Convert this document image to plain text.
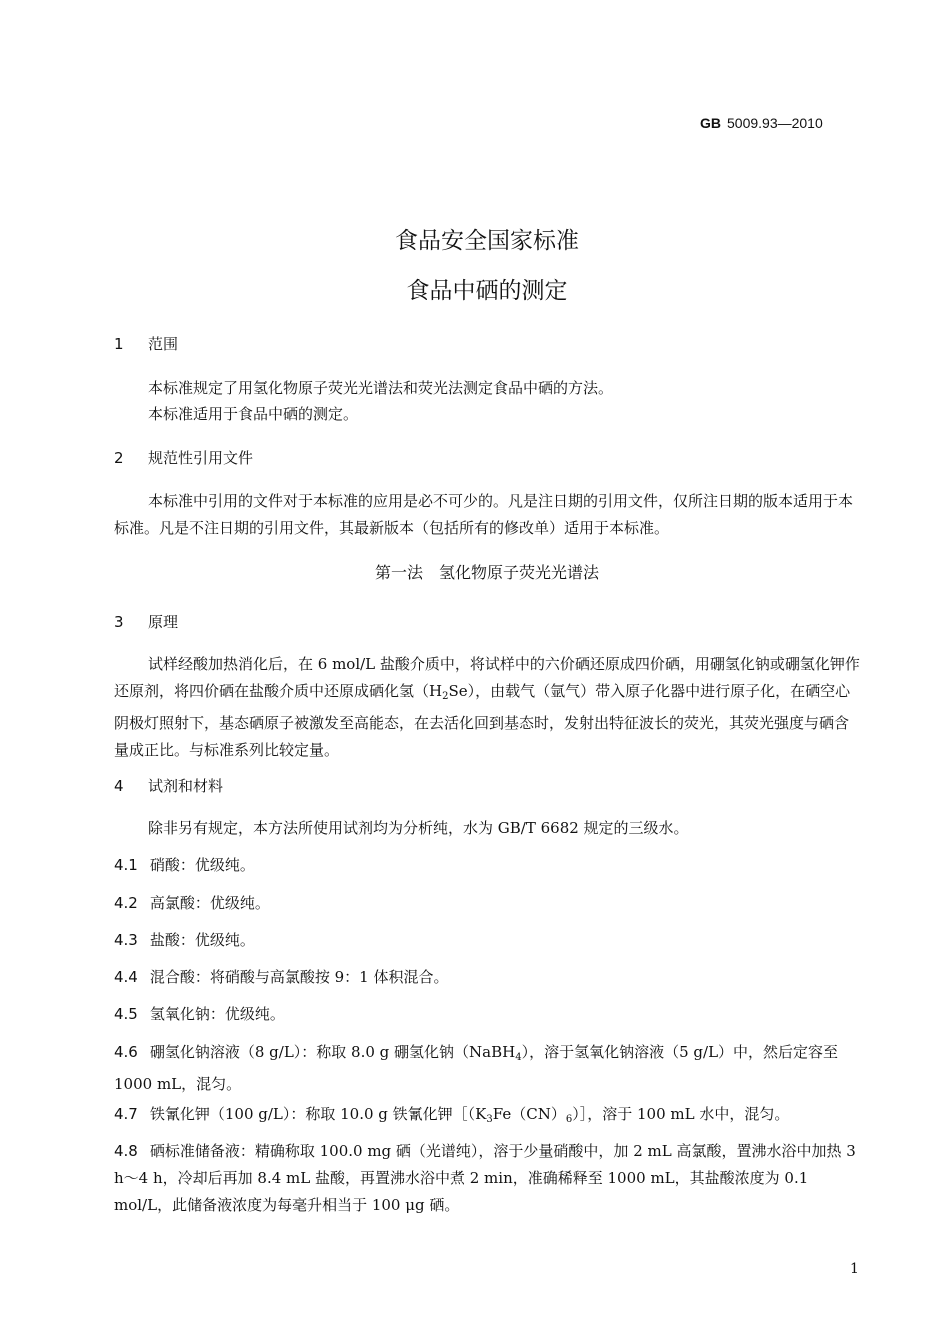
GB 5009.93—2010
食品安全国家标准
食品中硒的测定
1 范围
本标准规定了用氢化物原子荧光光谱法和荧光法测定食品中硒的方法。
本标准适用于食品中硒的测定。
2 规范性引用文件
本标准中引用的文件对于本标准的应用是必不可少的。凡是注日期的引用文件，仅所注日期的版本适用于本标准。凡是不注日期的引用文件，其最新版本（包括所有的修改单）适用于本标准。
第一法　氢化物原子荧光光谱法
3 原理
试样经酸加热消化后，在 6 mol/L 盐酸介质中，将试样中的六价硒还原成四价硒，用硼氢化钠或硼氢化钾作还原剂，将四价硒在盐酸介质中还原成硒化氢$(H_2Se)$，由载气（氩气）带入原子化器中进行原子化，在硒空心阴极灯照射下，基态硒原子被激发至高能态，在去活化回到基态时，发射出特征波长的荧光，其荧光强度与硒含量成正比。与标准系列比较定量。
4 试剂和材料
除非另有规定，本方法所使用试剂均为分析纯，水为 GB/T 6682 规定的三级水。
4.1 硝酸：优级纯。
4.2 高氯酸：优级纯。
4.3 盐酸：优级纯。
4.4 混合酸：将硝酸与高氯酸按 9：1 体积混合。
4.5 氢氧化钠：优级纯。
4.6 硼氢化钠溶液（8 g/L）：称取 8.0 g 硼氢化钠（NaBH$_4$），溶于氢氧化钠溶液（5 g/L）中，然后定容至 1000 mL，混匀。
4.7 铁氰化钾（100 g/L）：称取 10.0 g 铁氰化钾$[(K_3Fe(CN)_6)]$，溶于 100 mL 水中，混匀。
4.8 硒标准储备液：精确称取 100.0 mg 硒（光谱纯），溶于少量硝酸中，加 2 mL 高氯酸，置沸水浴中加热 3 h～4 h，冷却后再加 8.4 mL 盐酸，再置沸水浴中煮 2 min，准确稀释至 1000 mL，其盐酸浓度为 0.1 mol/L，此储备液浓度为每毫升相当于 100 μg 硒。
1
